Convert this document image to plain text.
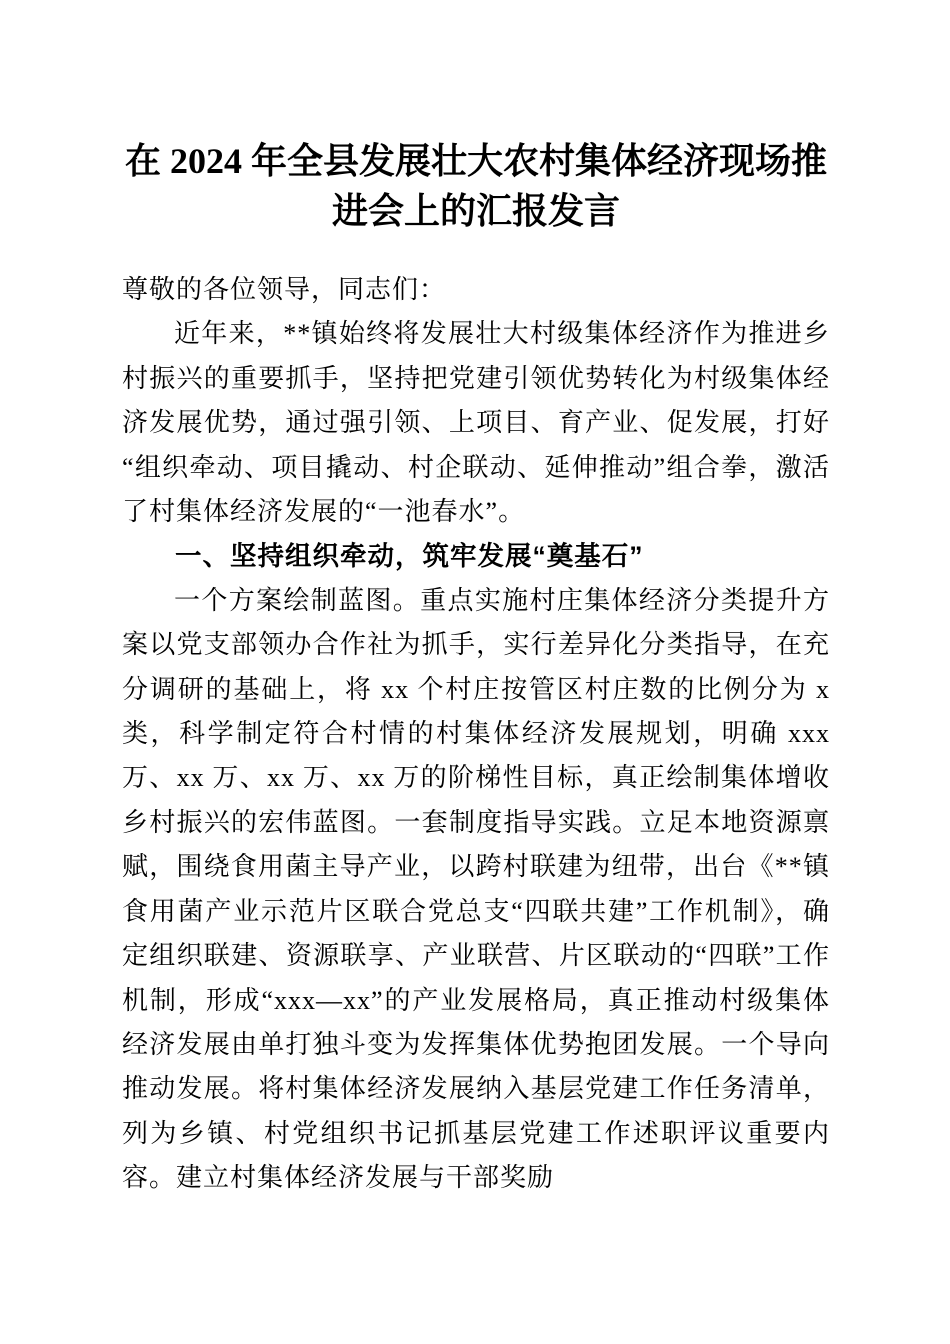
在 2024 年全县发展壮大农村集体经济现场推
进会上的汇报发言

尊敬的各位领导，同志们：

近年来，**镇始终将发展壮大村级集体经济作为推进乡村振兴的重要抓手，坚持把党建引领优势转化为村级集体经济发展优势，通过强引领、上项目、育产业、促发展，打好“组织牵动、项目撬动、村企联动、延伸推动”组合拳，激活了村集体经济发展的“一池春水”。

一、坚持组织牵动，筑牢发展“奠基石”

一个方案绘制蓝图。重点实施村庄集体经济分类提升方案以党支部领办合作社为抓手，实行差异化分类指导，在充分调研的基础上，将 xx 个村庄按管区村庄数的比例分为 x 类，科学制定符合村情的村集体经济发展规划，明确 xxx 万、xx 万、xx 万、xx 万的阶梯性目标，真正绘制集体增收乡村振兴的宏伟蓝图。一套制度指导实践。立足本地资源禀赋，围绕食用菌主导产业，以跨村联建为纽带，出台《**镇食用菌产业示范片区联合党总支“四联共建”工作机制》，确定组织联建、资源联享、产业联营、片区联动的“四联”工作机制，形成“xxx—xx”的产业发展格局，真正推动村级集体经济发展由单打独斗变为发挥集体优势抱团发展。一个导向推动发展。将村集体经济发展纳入基层党建工作任务清单，列为乡镇、村党组织书记抓基层党建工作述职评议重要内容。建立村集体经济发展与干部奖励
